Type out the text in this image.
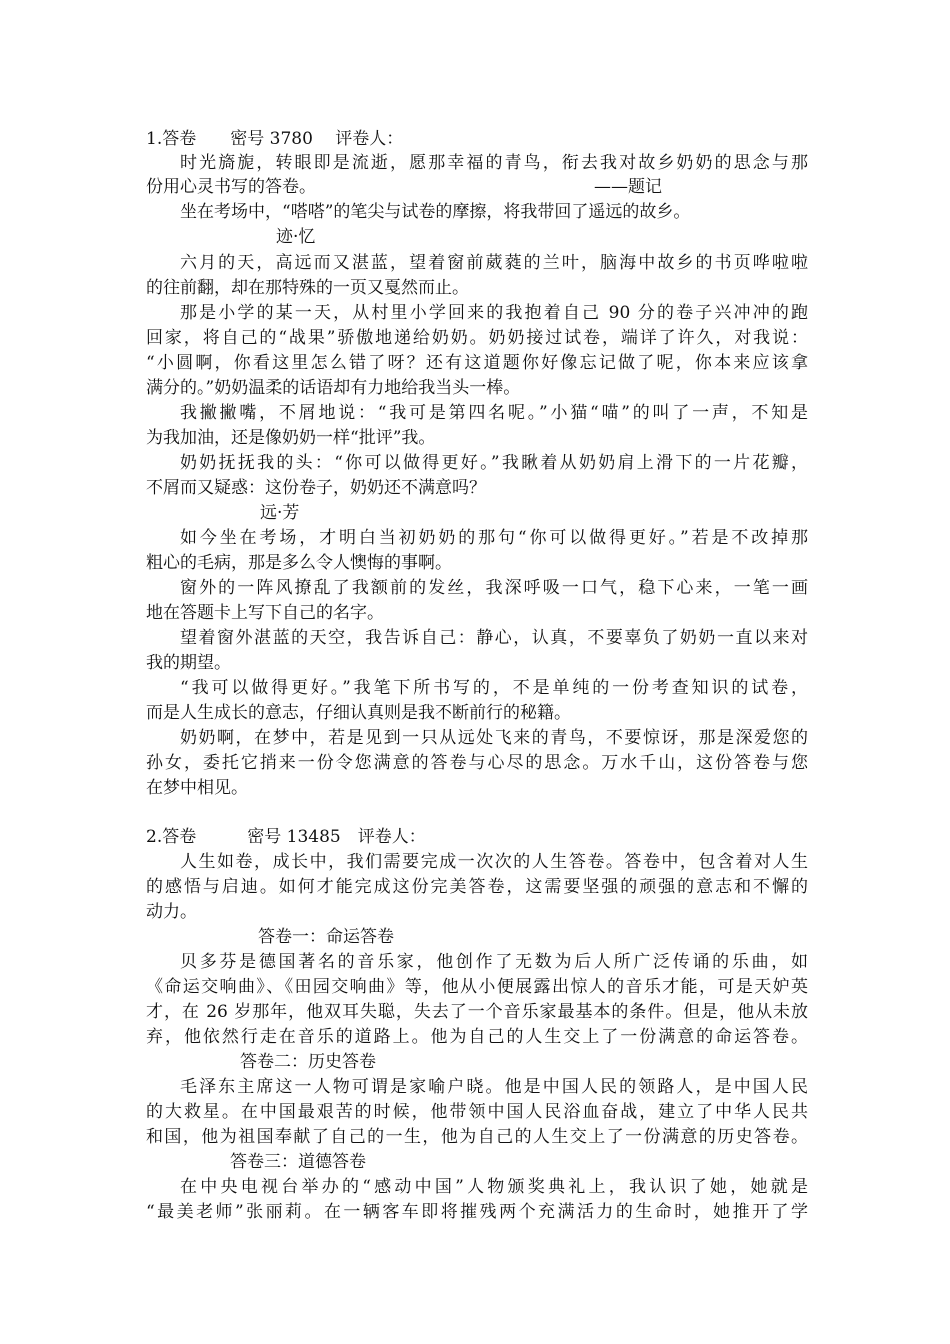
1.答卷　　密号 3780　 评卷人：
时光旖旎，转眼即是流逝，愿那幸福的青鸟，衔去我对故乡奶奶的思念与那
份用心灵书写的答卷。	——题记
坐在考场中，“嗒嗒”的笔尖与试卷的摩擦，将我带回了遥远的故乡。
迹·忆
六月的天，高远而又湛蓝，望着窗前葳蕤的兰叶，脑海中故乡的书页哗啦啦
的往前翻，却在那特殊的一页又戛然而止。
那是小学的某一天，从村里小学回来的我抱着自己 90 分的卷子兴冲冲的跑
回家，将自己的“战果”骄傲地递给奶奶。奶奶接过试卷，端详了许久，对我说：
“小圆啊，你看这里怎么错了呀？还有这道题你好像忘记做了呢，你本来应该拿
满分的。”奶奶温柔的话语却有力地给我当头一棒。
我撇撇嘴，不屑地说：“我可是第四名呢。”小猫“喵”的叫了一声，不知是
为我加油，还是像奶奶一样“批评”我。
奶奶抚抚我的头：“你可以做得更好。”我瞅着从奶奶肩上滑下的一片花瓣，
不屑而又疑惑：这份卷子，奶奶还不满意吗？
远·芳
如今坐在考场，才明白当初奶奶的那句“你可以做得更好。”若是不改掉那
粗心的毛病，那是多么令人懊悔的事啊。
窗外的一阵风撩乱了我额前的发丝，我深呼吸一口气，稳下心来，一笔一画
地在答题卡上写下自己的名字。
望着窗外湛蓝的天空，我告诉自己：静心，认真，不要辜负了奶奶一直以来对
我的期望。
“我可以做得更好。”我笔下所书写的，不是单纯的一份考查知识的试卷，
而是人生成长的意志，仔细认真则是我不断前行的秘籍。
奶奶啊，在梦中，若是见到一只从远处飞来的青鸟，不要惊讶，那是深爱您的
孙女，委托它捎来一份令您满意的答卷与心尽的思念。万水千山，这份答卷与您
在梦中相见。
2.答卷　　　密号 13485　评卷人：
人生如卷，成长中，我们需要完成一次次的人生答卷。答卷中，包含着对人生
的感悟与启迪。如何才能完成这份完美答卷，这需要坚强的顽强的意志和不懈的
动力。
答卷一：命运答卷
贝多芬是德国著名的音乐家，他创作了无数为后人所广泛传诵的乐曲，如
《命运交响曲》、《田园交响曲》等，他从小便展露出惊人的音乐才能，可是天妒英
才，在 26 岁那年，他双耳失聪，失去了一个音乐家最基本的条件。但是，他从未放
弃，他依然行走在音乐的道路上。他为自己的人生交上了一份满意的命运答卷。
答卷二：历史答卷
毛泽东主席这一人物可谓是家喻户晓。他是中国人民的领路人，是中国人民
的大救星。在中国最艰苦的时候，他带领中国人民浴血奋战，建立了中华人民共
和国，他为祖国奉献了自己的一生，他为自己的人生交上了一份满意的历史答卷。
答卷三：道德答卷
在中央电视台举办的“感动中国”人物颁奖典礼上，我认识了她，她就是
“最美老师”张丽莉。在一辆客车即将摧残两个充满活力的生命时，她推开了学
